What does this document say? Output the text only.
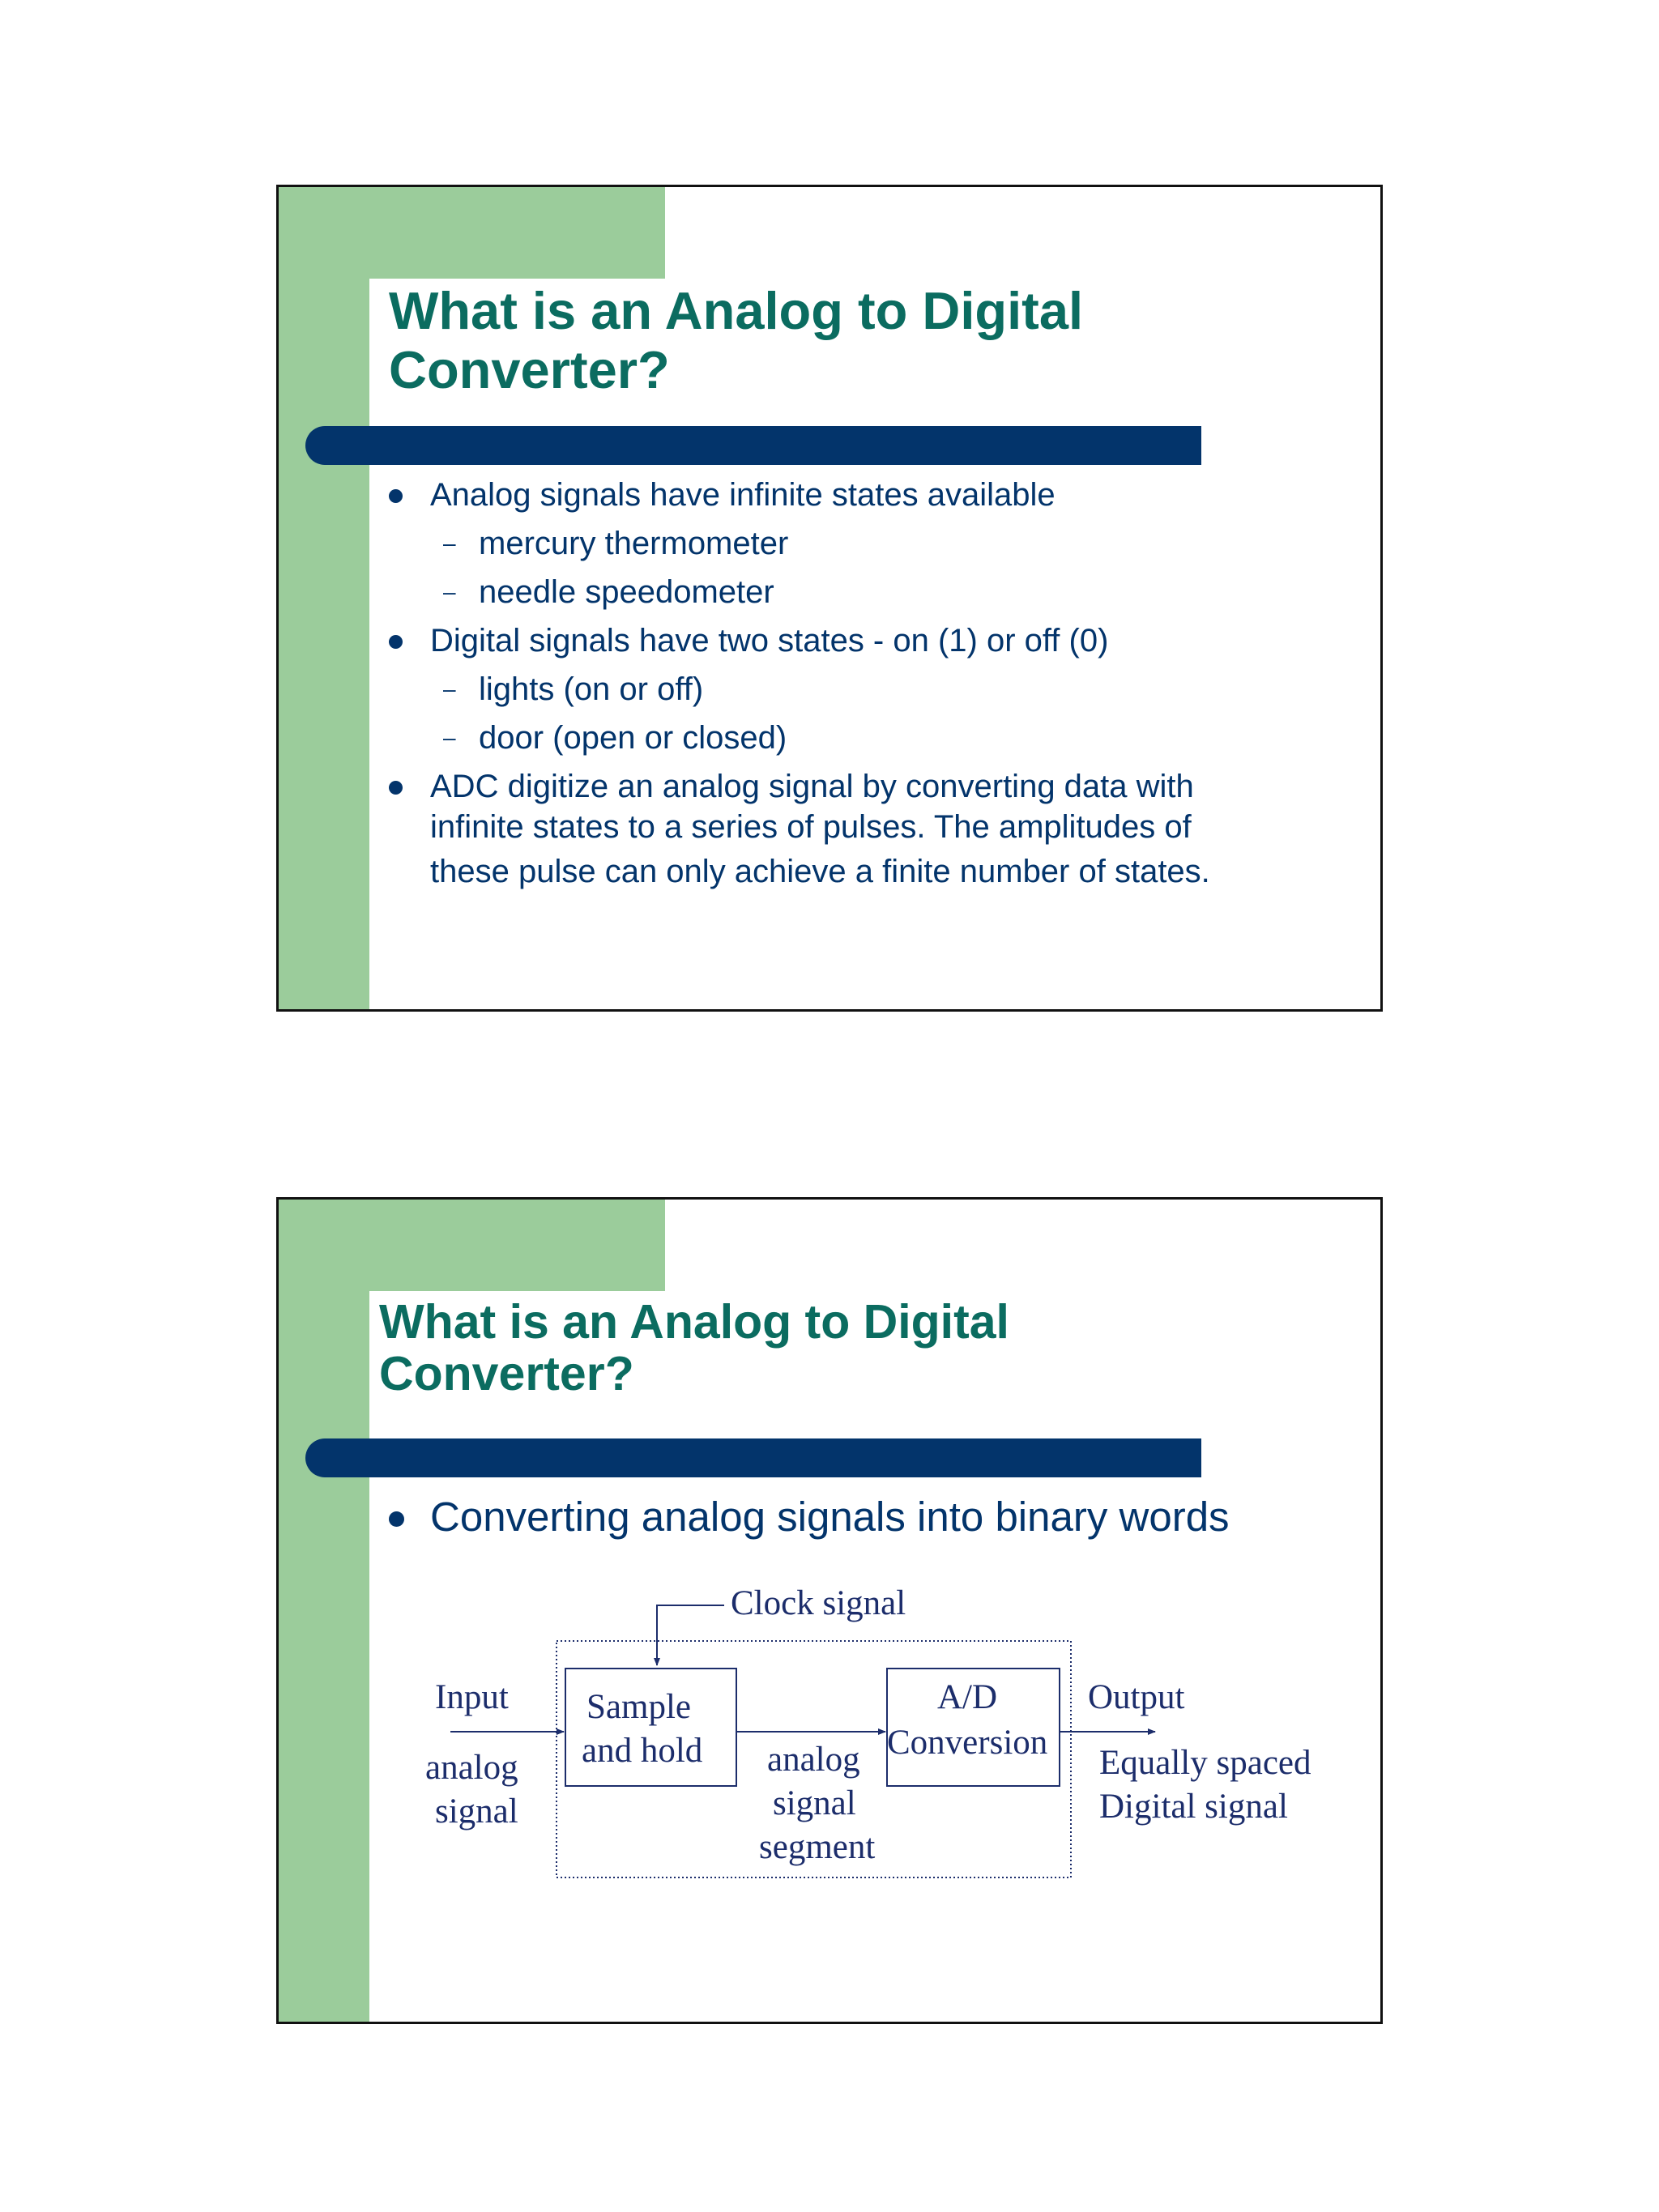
What is an Analog to Digital
Converter?
Analog signals have infinite states available
– mercury thermometer
– needle speedometer
Digital signals have two states - on (1) or off (0)
– lights (on or off)
– door (open or closed)
ADC digitize an analog signal by converting data with
infinite states to a series of pulses. The amplitudes of
these pulse can only achieve a finite number of states.
What is an Analog to Digital
Converter?
Converting analog signals into binary words
Clock signal
Sample
and hold
A/D
Conversion
Input
analog
signal
analog
signal
segment
Output
Equally spaced
Digital signal
